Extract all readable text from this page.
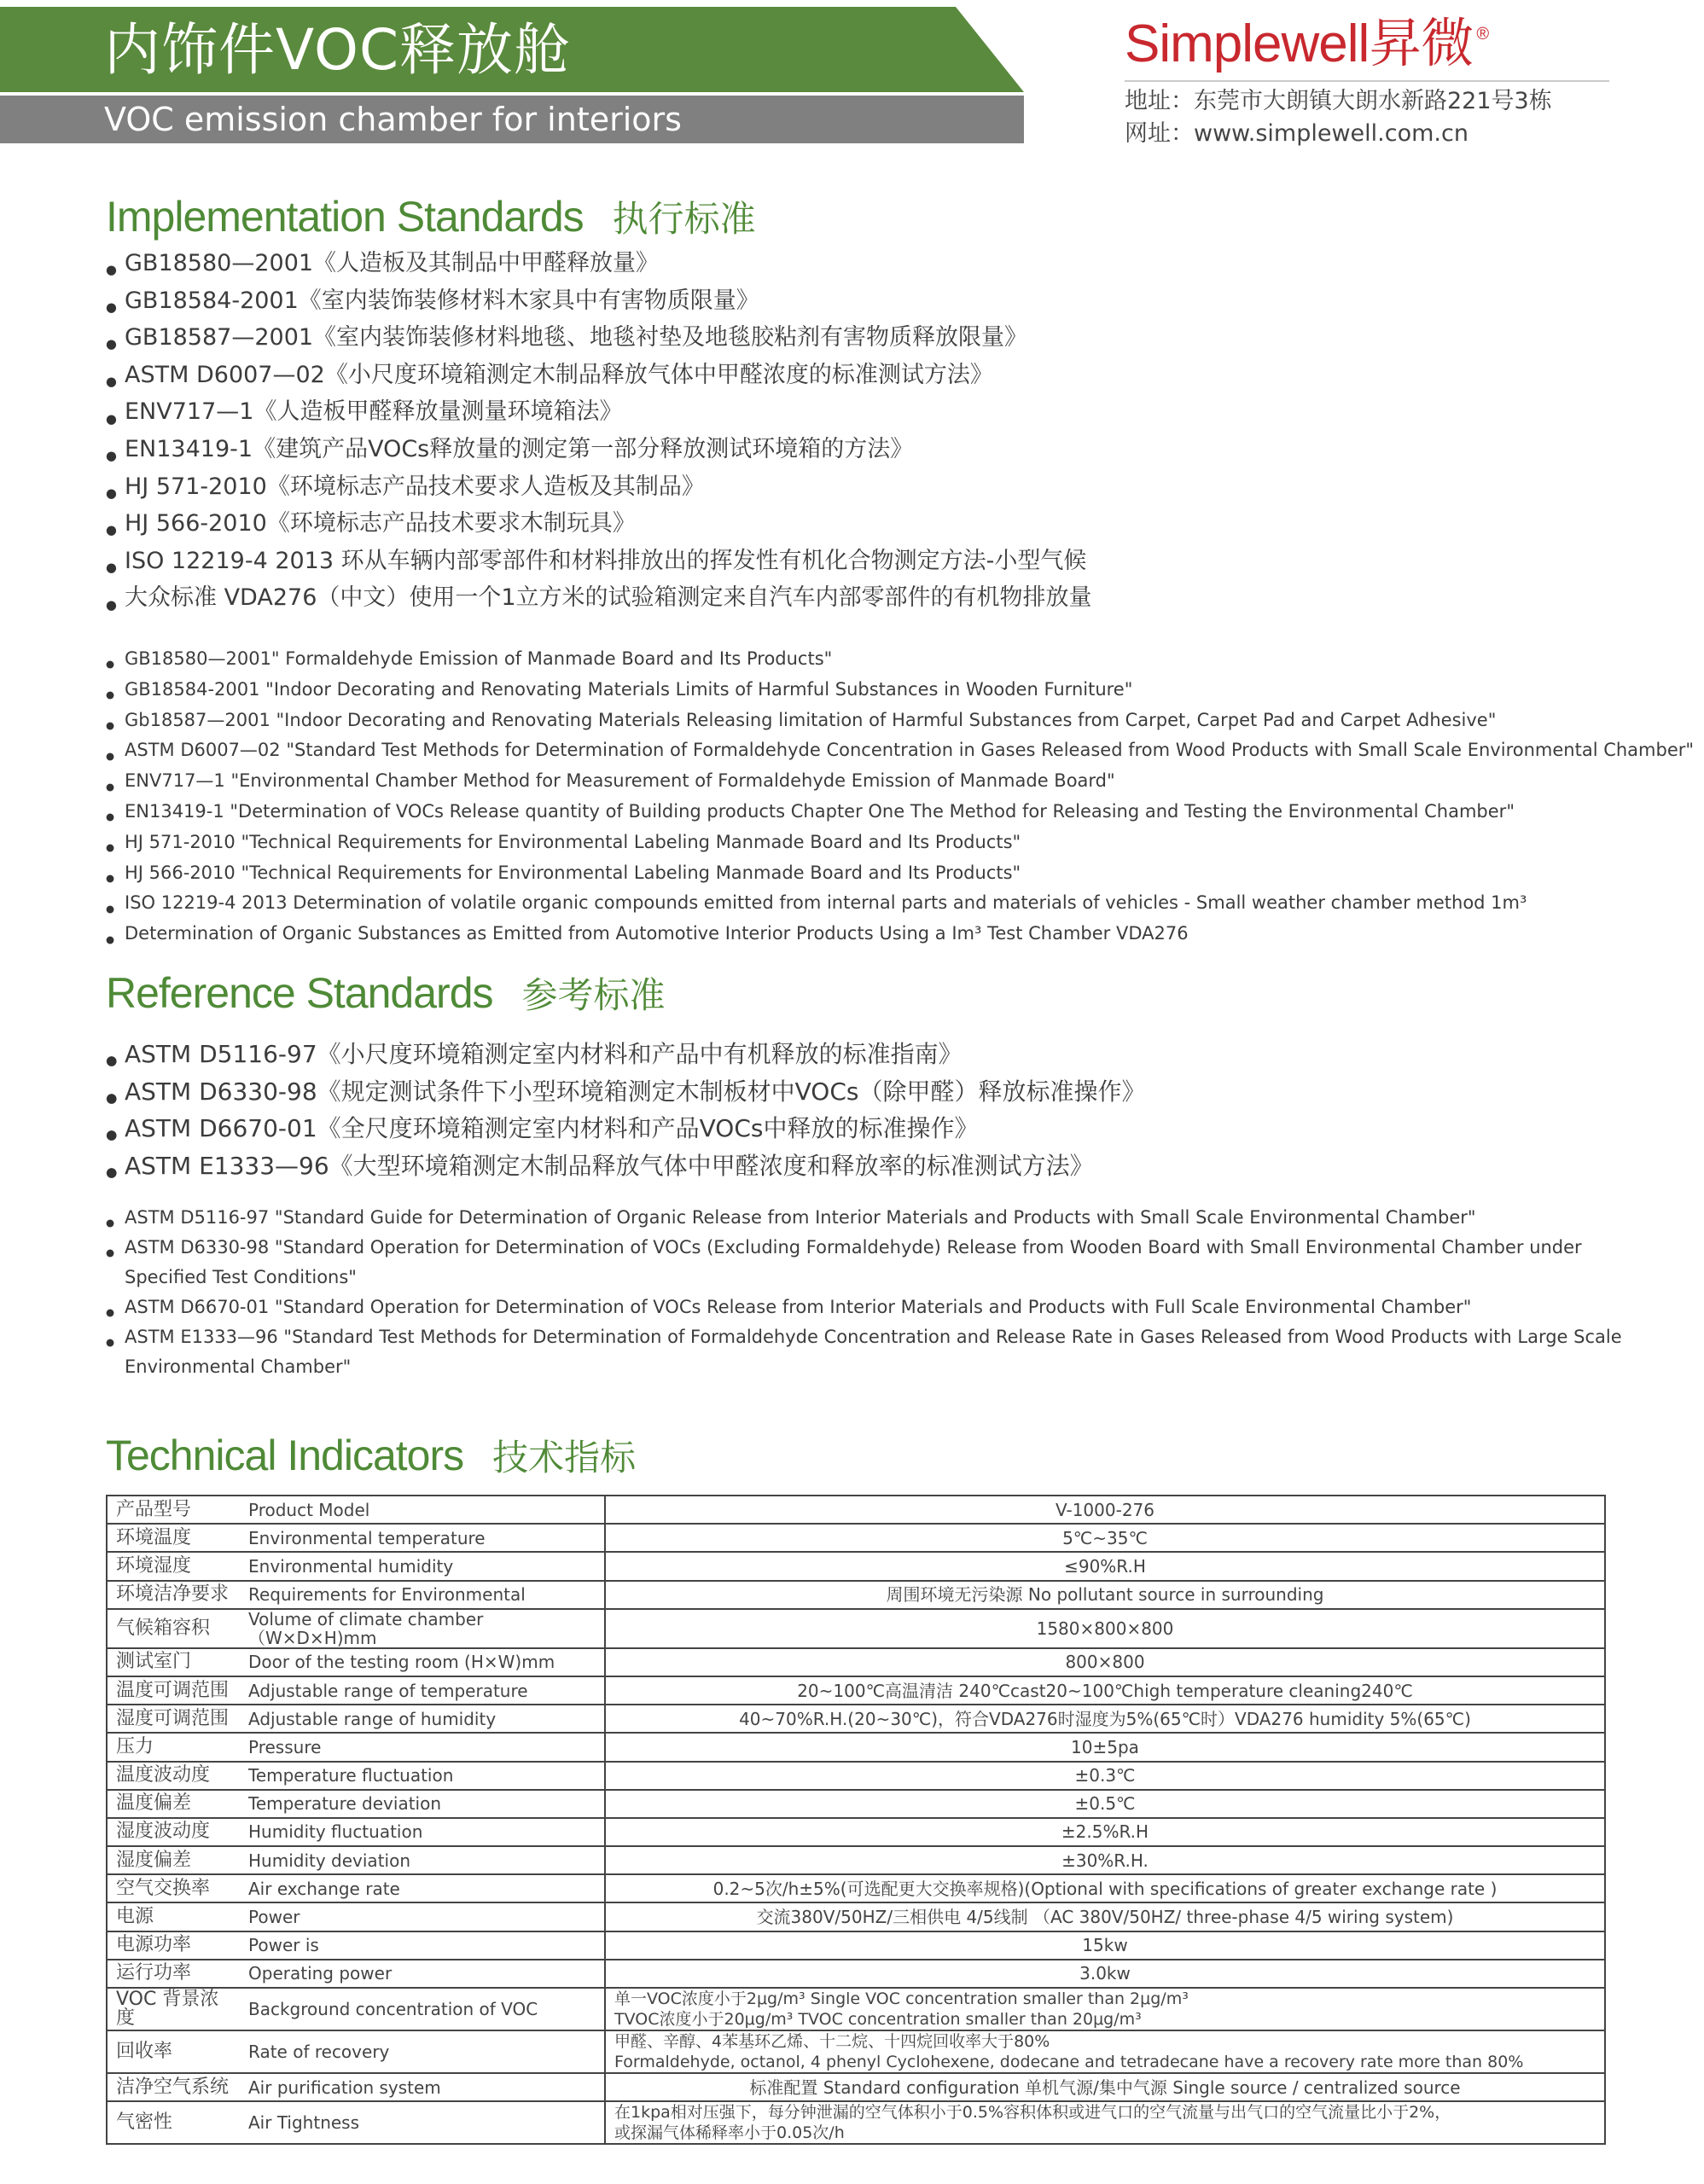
内饰件VOC释放舱
VOC emission chamber for interiors
Simplewell昇微 ®
地址：东莞市大朗镇大朗水新路221号3栋
网址：www.simplewell.com.cn
Implementation Standards 执行标准
● GB18580—2001《人造板及其制品中甲醛释放量》
● GB18584-2001《室内装饰装修材料木家具中有害物质限量》
● GB18587—2001《室内装饰装修材料地毯、地毯衬垫及地毯胶粘剂有害物质释放限量》
● ASTM D6007—02《小尺度环境箱测定木制品释放气体中甲醛浓度的标准测试方法》
● ENV717—1《人造板甲醛释放量测量环境箱法》
● EN13419-1《建筑产品VOCs释放量的测定第一部分释放测试环境箱的方法》
● HJ 571-2010《环境标志产品技术要求人造板及其制品》
● HJ 566-2010《环境标志产品技术要求木制玩具》
● ISO 12219-4 2013 环从车辆内部零部件和材料排放出的挥发性有机化合物测定方法-小型气候
● 大众标准 VDA276（中文）使用一个1立方米的试验箱测定来自汽车内部零部件的有机物排放量
● GB18580—2001" Formaldehyde Emission of Manmade Board and Its Products"
● GB18584-2001 "Indoor Decorating and Renovating Materials Limits of Harmful Substances in Wooden Furniture"
● Gb18587—2001 "Indoor Decorating and Renovating Materials Releasing limitation of Harmful Substances from Carpet, Carpet Pad and Carpet Adhesive"
● ASTM D6007—02 "Standard Test Methods for Determination of Formaldehyde Concentration in Gases Released from Wood Products with Small Scale Environmental Chamber"
● ENV717—1 "Environmental Chamber Method for Measurement of Formaldehyde Emission of Manmade Board"
● EN13419-1 "Determination of VOCs Release quantity of Building products Chapter One The Method for Releasing and Testing the Environmental Chamber"
● HJ 571-2010 "Technical Requirements for Environmental Labeling Manmade Board and Its Products"
● HJ 566-2010 "Technical Requirements for Environmental Labeling Manmade Board and Its Products"
● ISO 12219-4 2013 Determination of volatile organic compounds emitted from internal parts and materials of vehicles - Small weather chamber method 1m³
● Determination of Organic Substances as Emitted from Automotive Interior Products Using a Im³ Test Chamber VDA276
Reference Standards 参考标准
● ASTM D5116-97《小尺度环境箱测定室内材料和产品中有机释放的标准指南》
● ASTM D6330-98《规定测试条件下小型环境箱测定木制板材中VOCs（除甲醛）释放标准操作》
● ASTM D6670-01《全尺度环境箱测定室内材料和产品VOCs中释放的标准操作》
● ASTM E1333—96《大型环境箱测定木制品释放气体中甲醛浓度和释放率的标准测试方法》
● ASTM D5116-97 "Standard Guide for Determination of Organic Release from Interior Materials and Products with Small Scale Environmental Chamber"
● ASTM D6330-98 "Standard Operation for Determination of VOCs (Excluding Formaldehyde) Release from Wooden Board with Small Environmental Chamber under Specified Test Conditions"
● ASTM D6670-01 "Standard Operation for Determination of VOCs Release from Interior Materials and Products with Full Scale Environmental Chamber"
● ASTM E1333—96 "Standard Test Methods for Determination of Formaldehyde Concentration and Release Rate in Gases Released from Wood Products with Large Scale Environmental Chamber"
Technical Indicators 技术指标
产品型号	Product Model	V-1000-276

环境温度	Environmental temperature	5℃~35℃

环境湿度	Environmental humidity	≤90%R.H

环境洁净要求	Requirements for Environmental	周围环境无污染源 No pollutant source in surrounding

气候箱容积	Volume of climate chamber（W×D×H)mm	1580×800×800

测试室门	Door of the testing room (H×W)mm	800×800

温度可调范围	Adjustable range of temperature	20~100℃高温清洁 240℃cast20~100℃high temperature cleaning240℃

湿度可调范围	Adjustable range of humidity	40~70%R.H.(20~30℃)，符合VDA276时湿度为5%(65℃时）VDA276 humidity 5%(65℃)

压力	Pressure	10±5pa

温度波动度	Temperature fluctuation	±0.3℃

温度偏差	Temperature deviation	±0.5℃

湿度波动度	Humidity fluctuation	±2.5%R.H

湿度偏差	Humidity deviation	±30%R.H.

空气交换率	Air exchange rate	0.2~5次/h±5%(可选配更大交换率规格)(Optional with specifications of greater exchange rate )

电源	Power	交流380V/50HZ/三相供电 4/5线制 （AC 380V/50HZ/ three-phase 4/5 wiring system)

电源功率	Power is	15kw

运行功率	Operating power	3.0kw

VOC 背景浓度	Background concentration of VOC	单一VOC浓度小于2μg/m³ Single VOC concentration smaller than 2μg/m³
TVOC浓度小于20μg/m³ TVOC concentration smaller than 20μg/m³

回收率	Rate of recovery	甲醛、辛醇、4苯基环乙烯、十二烷、十四烷回收率大于80%
Formaldehyde, octanol, 4 phenyl Cyclohexene, dodecane and tetradecane have a recovery rate more than 80%

洁净空气系统	Air purification system	标准配置 Standard configuration 单机气源/集中气源 Single source / centralized source

气密性	Air Tightness	在1kpa相对压强下，每分钟泄漏的空气体积小于0.5%容积体积或进气口的空气流量与出气口的空气流量比小于2%，
或探漏气体稀释率小于0.05次/h
